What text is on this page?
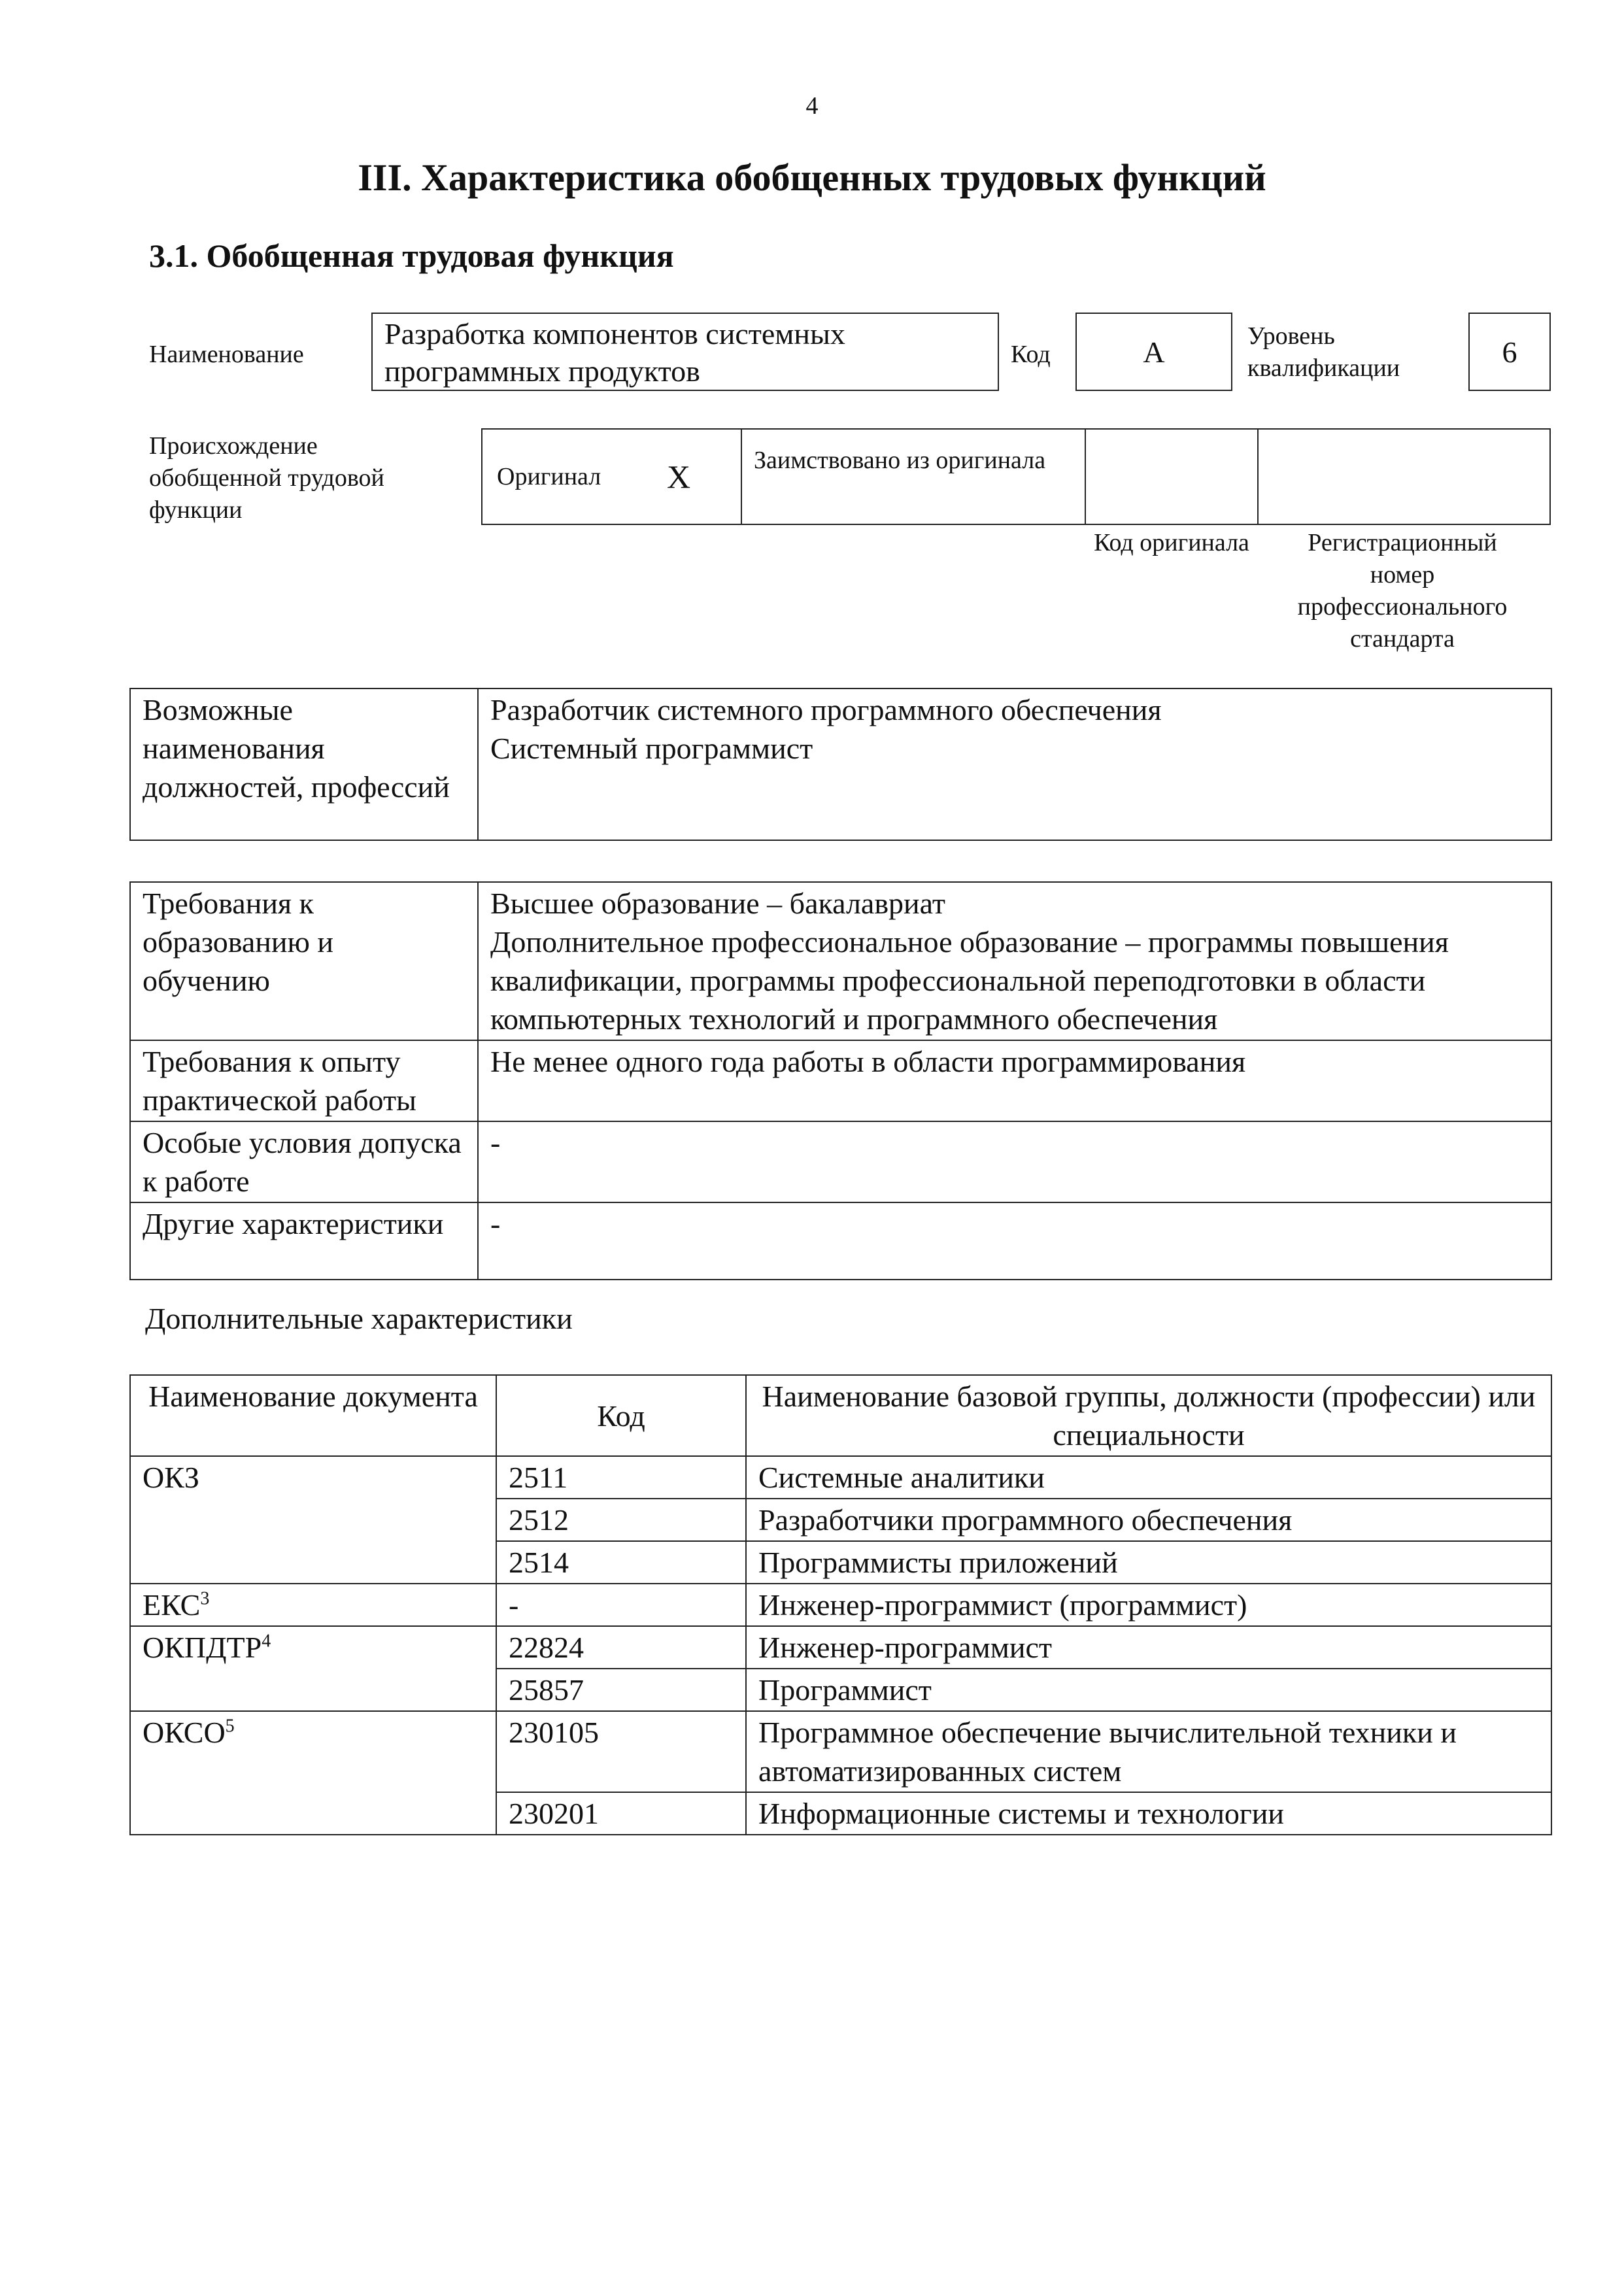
4
III. Характеристика обобщенных трудовых функций
3.1. Обобщенная трудовая функция
Наименование
Разработка компонентов системных программных продуктов	Код	А	Уровень квалификации	6
Происхождение обобщенной трудовой функции
Оригинал Х	Заимствовано из оригинала
Код оригинала	Регистрационный номер профессионального стандарта
Возможные наименования должностей, профессий	
Разработчик системного программного обеспечения
Системный программист
Требования к образованию и обучению	Высшее образование – бакалавриат
Дополнительное профессиональное образование – программы повышения квалификации, программы профессиональной переподготовки в области компьютерных технологий и программного обеспечения

Требования к опыту практической работы	Не менее одного года работы в области программирования
Особые условия допуска к работе	-
Другие характеристики	-
Дополнительные характеристики
Наименование документа	Код	Наименование базовой группы, должности (профессии) или специальности
ОКЗ	2511	Системные аналитики
	2512	Разработчики программного обеспечения
	2514	Программисты приложений
ЕКС$^3$	-	Инженер-программист (программист)
ОКПДТР$^4$	22824	Инженер-программист
	25857	Программист
ОКСО$^5$	230105	Программное обеспечение вычислительной техники и автоматизированных систем
	230201	Информационные системы и технологии
